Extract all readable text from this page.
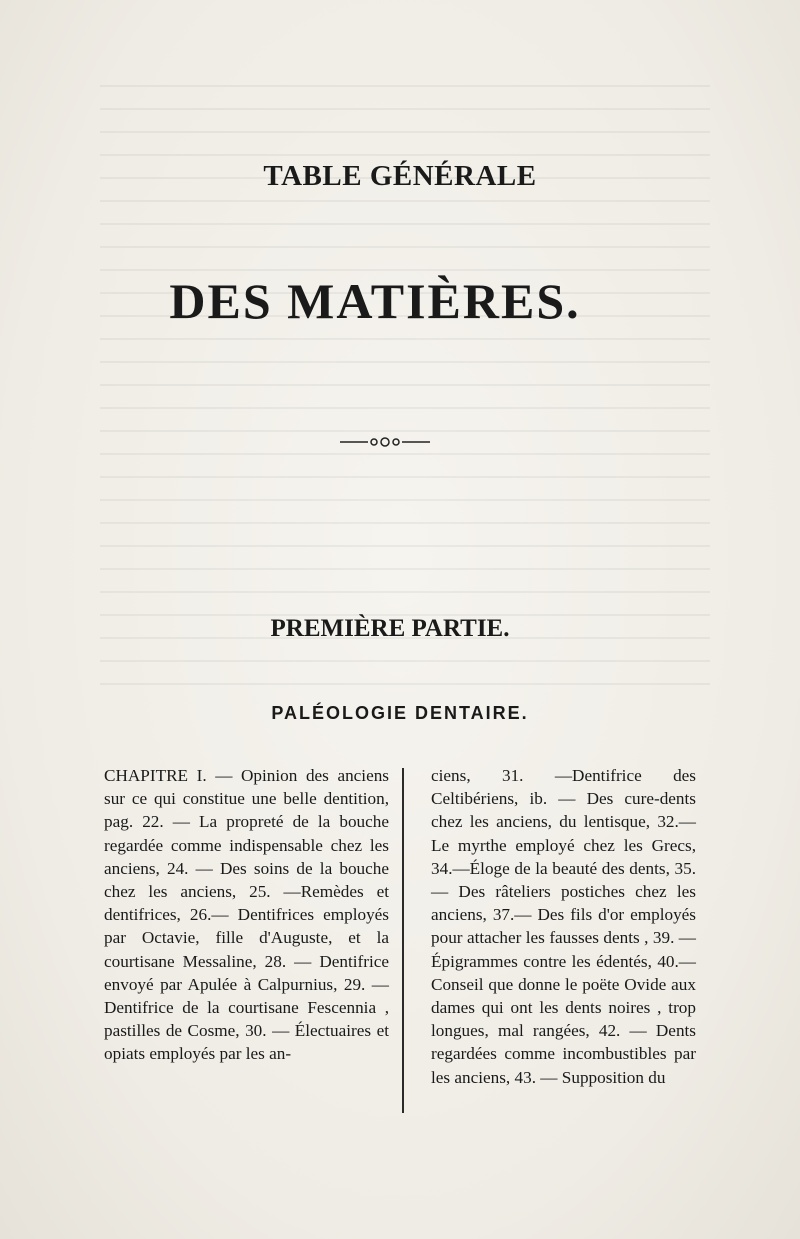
TABLE GÉNÉRALE
DES MATIÈRES.
PREMIÈRE PARTIE.
PALÉOLOGIE DENTAIRE.
CHAPITRE I. — Opinion des anciens sur ce qui constitue une belle dentition, pag. 22. — La propreté de la bouche regardée comme indispensable chez les anciens, 24. — Des soins de la bouche chez les anciens, 25. —Remèdes et dentifrices, 26.— Dentifrices employés par Octavie, fille d'Auguste, et la courtisane Messaline, 28. — Dentifrice envoyé par Apulée à Calpurnius, 29. — Dentifrice de la courtisane Fescennia , pastilles de Cosme, 30. — Électuaires et opiats employés par les an-
ciens, 31. —Dentifrice des Celtibériens, ib. — Des cure-dents chez les anciens, du lentisque, 32.—Le myrthe employé chez les Grecs, 34.—Éloge de la beauté des dents, 35. — Des râteliers postiches chez les anciens, 37.— Des fils d'or employés pour attacher les fausses dents , 39. — Épigrammes contre les édentés, 40.—Conseil que donne le poëte Ovide aux dames qui ont les dents noires , trop longues, mal rangées, 42. — Dents regardées comme incombustibles par les anciens, 43. — Supposition du
